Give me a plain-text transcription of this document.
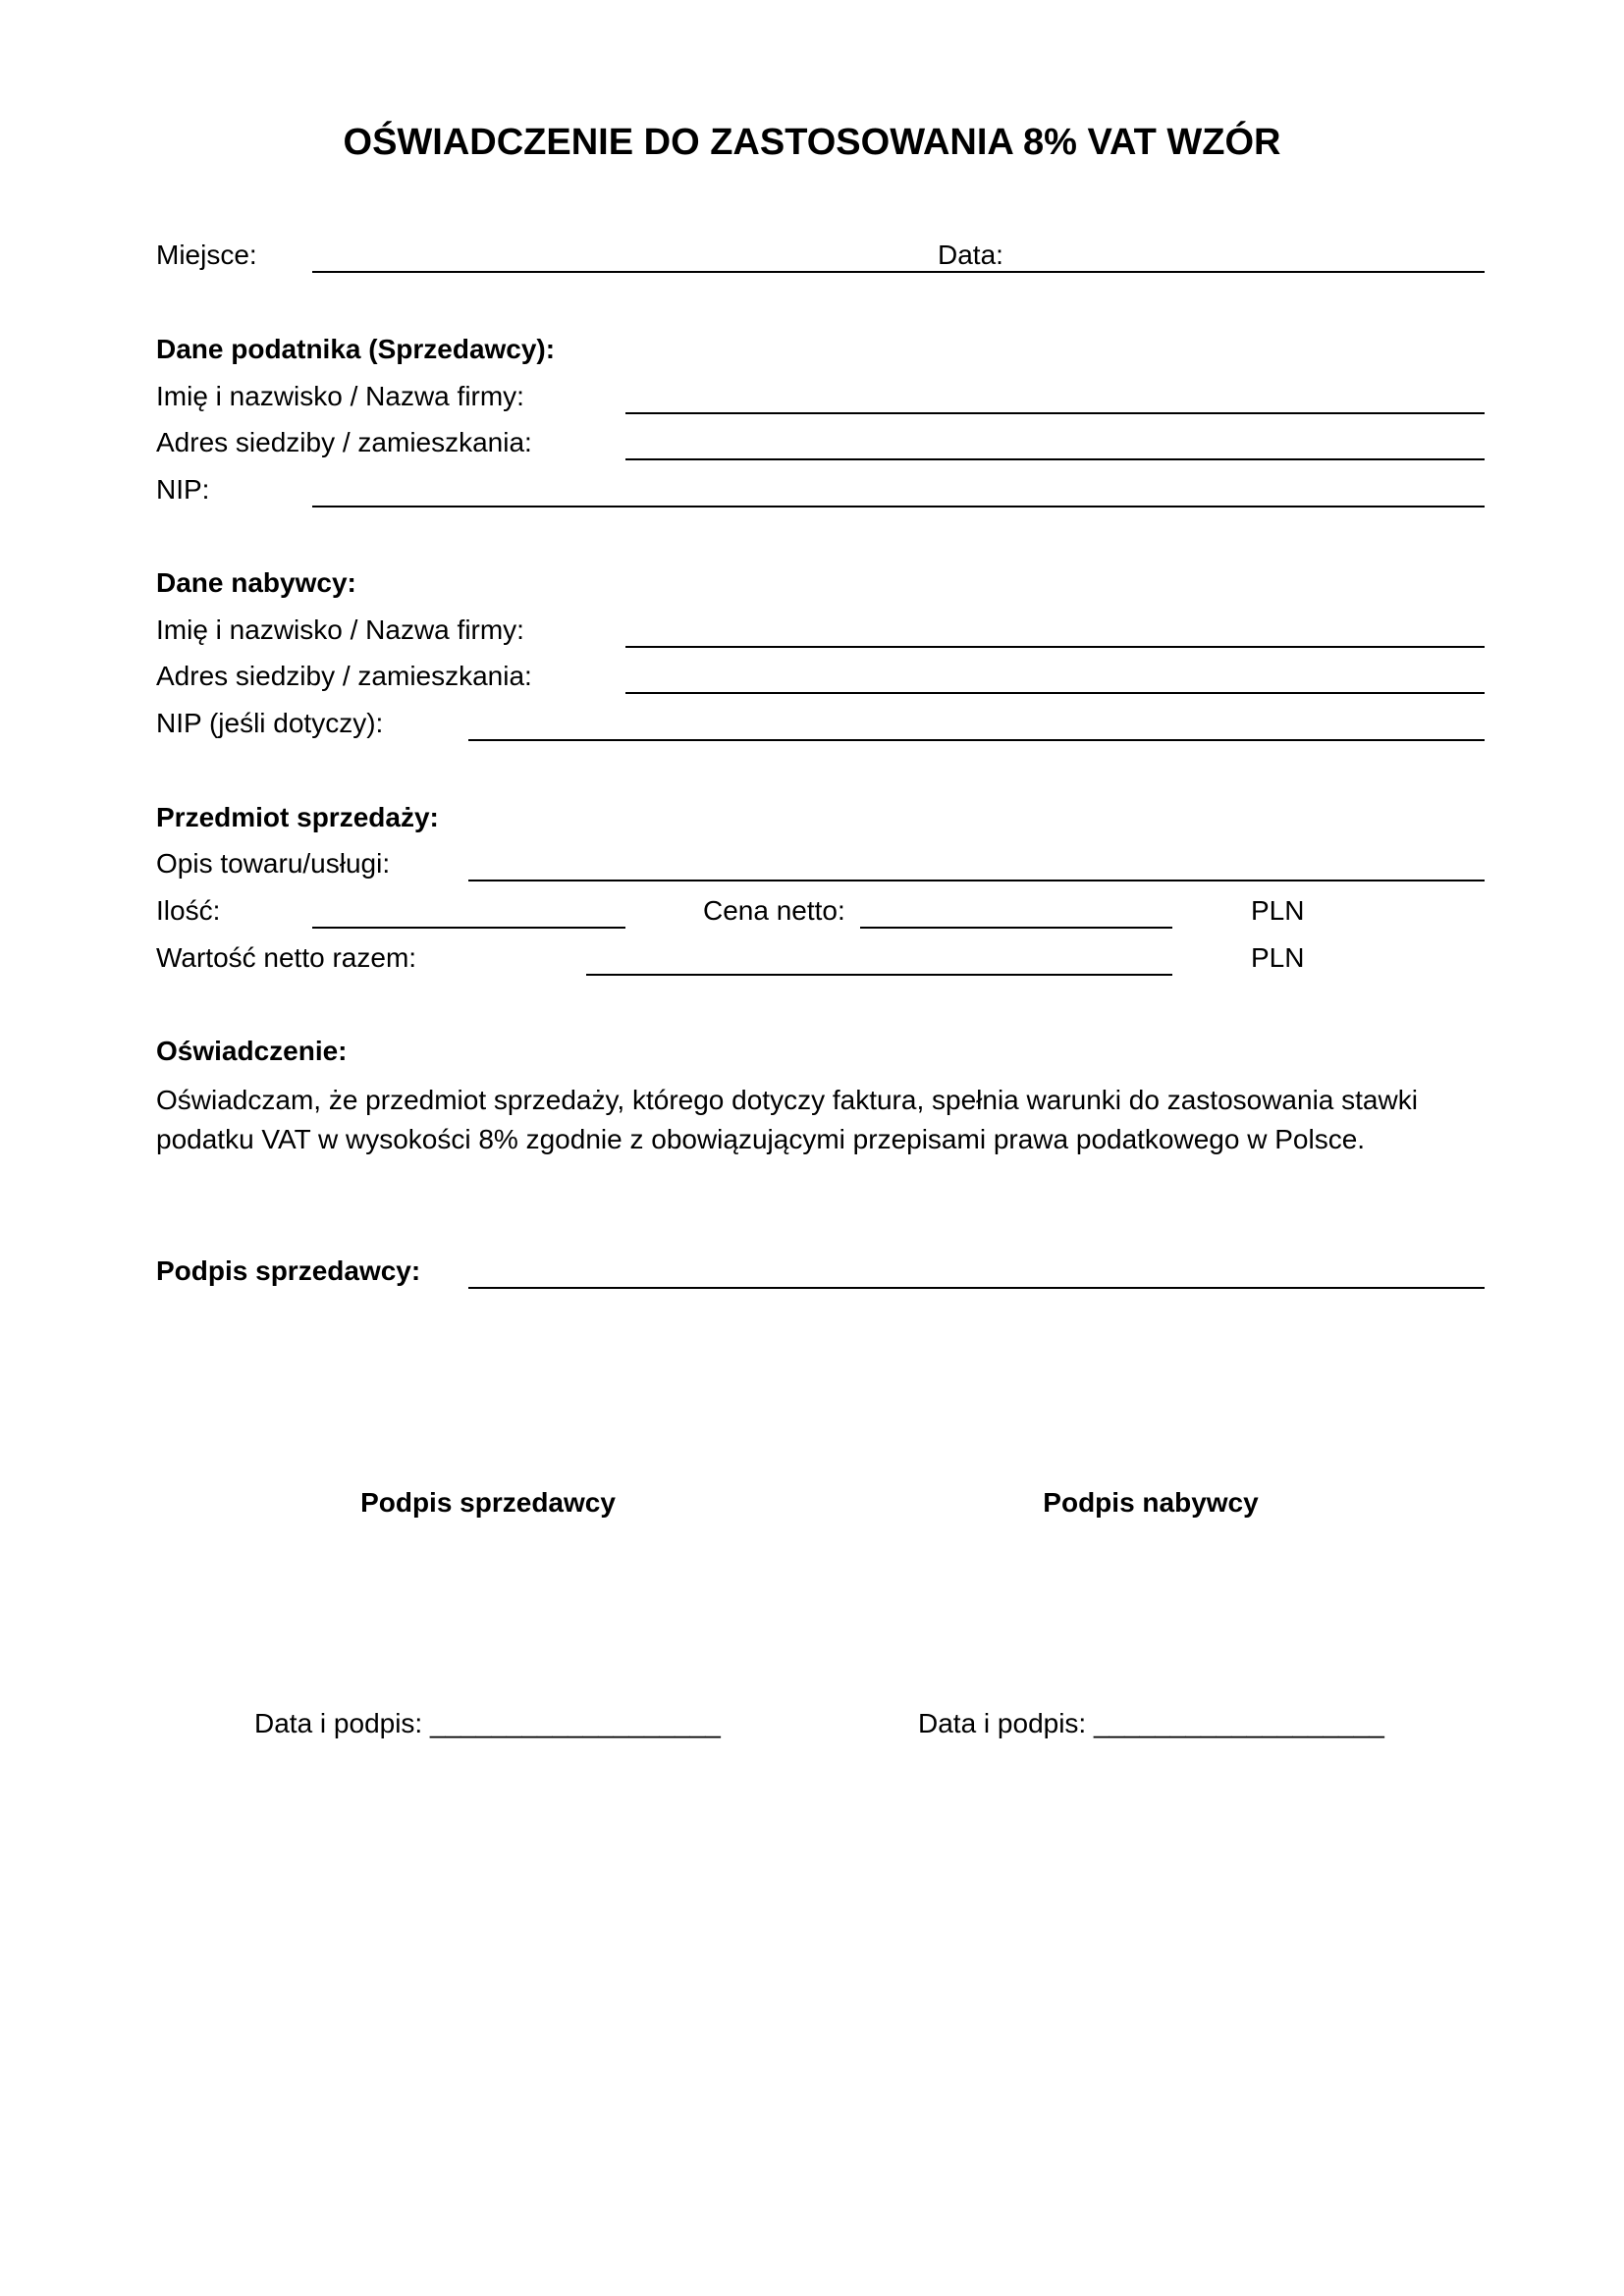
OŚWIADCZENIE DO ZASTOSOWANIA 8% VAT WZÓR
Miejsce:	Data:
Dane podatnika (Sprzedawcy):
Imię i nazwisko / Nazwa firmy:
Adres siedziby / zamieszkania:
NIP:
Dane nabywcy:
Imię i nazwisko / Nazwa firmy:
Adres siedziby / zamieszkania:
NIP (jeśli dotyczy):
Przedmiot sprzedaży:
Opis towaru/usługi:
Ilość:	Cena netto:	PLN
Wartość netto razem:	PLN
Oświadczenie:
Oświadczam, że przedmiot sprzedaży, którego dotyczy faktura, spełnia warunki do zastosowania stawki podatku VAT w wysokości 8% zgodnie z obowiązującymi przepisami prawa podatkowego w Polsce.
Podpis sprzedawcy:
Podpis sprzedawcy	Podpis nabywcy
Data i podpis: ___________________	Data i podpis: ___________________
